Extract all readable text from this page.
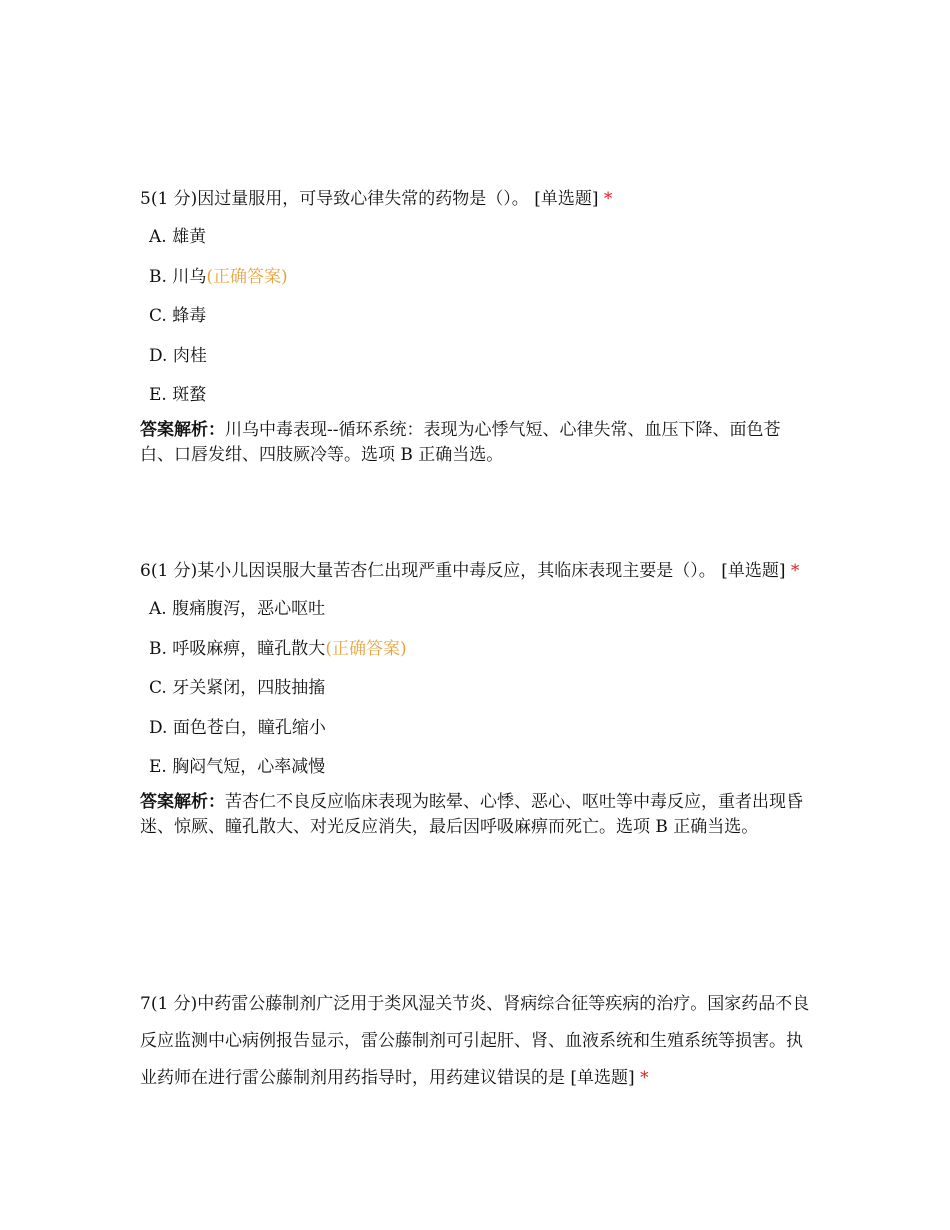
5(1 分)因过量服用，可导致心律失常的药物是（）。 [单选题] *

A. 雄黄
B. 川乌(正确答案)
C. 蜂毒
D. 肉桂
E. 斑蝥

答案解析：川乌中毒表现--循环系统：表现为心悸气短、心律失常、血压下降、面色苍白、口唇发绀、四肢厥冷等。选项 B 正确当选。

6(1 分)某小儿因误服大量苦杏仁出现严重中毒反应，其临床表现主要是（）。 [单选题] *

A. 腹痛腹泻，恶心呕吐
B. 呼吸麻痹，瞳孔散大(正确答案)
C. 牙关紧闭，四肢抽搐
D. 面色苍白，瞳孔缩小
E. 胸闷气短，心率减慢

答案解析：苦杏仁不良反应临床表现为眩晕、心悸、恶心、呕吐等中毒反应，重者出现昏迷、惊厥、瞳孔散大、对光反应消失，最后因呼吸麻痹而死亡。选项 B 正确当选。

7(1 分)中药雷公藤制剂广泛用于类风湿关节炎、肾病综合征等疾病的治疗。国家药品不良反应监测中心病例报告显示，雷公藤制剂可引起肝、肾、血液系统和生殖系统等损害。执业药师在进行雷公藤制剂用药指导时，用药建议错误的是 [单选题] *
